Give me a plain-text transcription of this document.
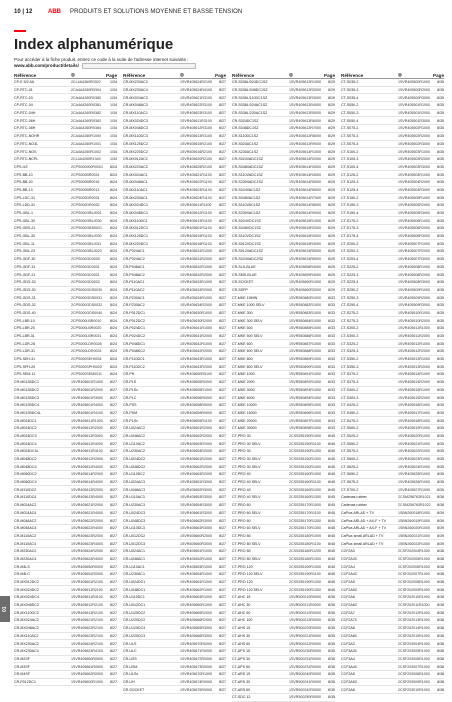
10 | 12	ABB PRODUITS ET SOLUTIONS MOYENNE ET BASSE TENSION
Index alphanumérique
Pour accéder à la fiche produit, entrez ce code à la suite de l'adresse internet suivante :
www.abb.com/product/details/
Référence	◎	Page
CP-E 5/2,5A	2CL4A4360R0302	1/34
CP-RTC-01	2CA4A4260R0304	1/34
CP-RTC-03	2CA4A4260R0380	1/34
CP-RTC-04	2CA4A4260R0381	1/34
CP-RTC-04H	2CA4A4260R0382	1/34
CP-RTC-06H	2CA4A4260R0383	1/34
CP-RTC-08H	2CA4A4260R0384	1/34
CP-RTC-NOHR	2CA4A4260R1000	1/34
CP-RTC-NO3L	2CA4A4260R1001	1/34
CP-RTC-NOS	2CA4A4260R1002	1/34
CP-RTC-NCPL	2CL4A4260R1340	1/34
CPS-0/2	2CPS000000R0001	8/24
CPS-BB-10	2CPS000BR0024	8/24
CPS-BB-20	2CPS000BR0016	8/24
CPS-BB-13	2CPS000BR0013	8/24
CPS-LDC-31	2CPS000DR0031	8/24
CPS-LDD-31	2CPS000DR0032	8/24
CPS-GBL-1	2CPS000GBL0001	8/24
CPS-GBL-30	2CPS000GBL0030	8/24
CPS-GBS-21	2CPS000GBS0021	8/24
CPS-GBL-30	2CPS000GBL0030	8/24
CPS-GBL-11	2CPS000GBL0011	8/24
CPS-GBL-23	2CPS000GBL0023	8/24
CPS-GDF-30	2CPS000GD0030	8/24
CPS-GDF-31	2CPS000GD0031	8/24
CPS-GDF-21	2CPS000GD0021	8/24
CPS-GDS-33	2CPS000GD0033	8/24
CPS-GDS-30	2CPS000GDS0030	8/24
CPS-GDS-31	2CPS000GDS0031	8/24
CPS-GDS-32	2CPS000GDS0032	8/24
CPS-GDS-40	2CPS000GDS0040	8/24
CPS-LBR-10	2CPS000LBR0010	8/24
CPS-LBR-20	2CPS000LBR0020	8/24
CPS-LBR-31	2CPS000LBR0031	8/24
CPS-LDR-28	2CPS000LDR0028	8/24
CPS-LDR-31	2CPS000LDR0031	8/24
CPS-SEH-31	2CPS000SEH0031	8/24
CPS-SPH-20	2CPS000SPH0020	8/24
CPS-SEM-11	2CPS000SEM0011	8/24
CR-M012BDC1	1SVR405601R1000	8/27
CR-M012BDC2	1SVR405601R2000	8/27
CR-M012BDC3	1SVR405601R3000	8/27
CR-M012BDC4	1SVR405601R4000	8/27
CR-M012BDC4L	1SVR405601R4100	8/27
CR-M024DC1	1SVR405611R1000	8/27
CR-M024DC2	1SVR405611R2000	8/27
CR-M024DC3	1SVR405611R3000	8/27
CR-M024DC4	1SVR405611R4000	8/27
CR-M024DC4L	1SVR405611R4100	8/27
CR-M048DC2	1SVR405612R2000	8/27
CR-M048DC4	1SVR405612R4000	8/27
CR-M060DC2	1SVR405614R2000	8/27
CR-M060DC4	1SVR405614R4000	8/27
CR-M110DC2	1SVR405613R2000	8/27
CR-M110DC4	1SVR405613R4000	8/27
CR-M024AC2	1SVR405621R2000	8/27
CR-M024AC4	1SVR405621R4000	8/27
CR-M048AC2	1SVR405622R2000	8/27
CR-M048AC4	1SVR405622R4000	8/27
CR-M110AC2	1SVR405623R2000	8/27
CR-M110AC4	1SVR405623R4000	8/27
CR-M230AC2	1SVR405624R2000	8/27
CR-M230AC4	1SVR405624R4000	8/27
CR-M4LS	1SVR405650R0000	8/27
CR-M4LC	1SVR405651R0000	8/27
CR-MX012DC2	1SVR405601R2100	8/27
CR-MX024DC2	1SVR405611R2100	8/27
CR-MX024DC4	1SVR405611R4100	8/27
CR-MX048DC2	1SVR405612R2100	8/27
CR-MX110DC2	1SVR405613R2100	8/27
CR-MX024AC2	1SVR405621R2100	8/27
CR-MX048AC2	1SVR405622R2100	8/27
CR-MX110AC2	1SVR405623R2100	8/27
CR-MX230AC2	1SVR405624R2100	8/27
CR-MX230AC4	1SVR405624R4100	8/27
CR-M2SF	1SVR405660R0000	8/27
CR-M3SF	1SVR405661R0000	8/27
CR-M4SF	1SVR405662R0000	8/27
CR-P012DC1	1SVR405600R1000	8/27
Référence	◎	Page
CR-MX230AC2	1SVR405624R2100	8/27
CR-MX230AC4	1SVR405624R4100	8/27
CR-MX024AC3	1SVR405621R3100	8/27
CR-MX048AC3	1SVR405622R3100	8/27
CR-MX110AC3	1SVR405623R3100	8/27
CR-MX024DC3	1SVR405611R3100	8/27
CR-MX048DC3	1SVR405612R3100	8/27
CR-MX110DC3	1SVR405613R3100	8/27
CR-MX125DC2	1SVR405615R2100	8/27
CR-MX220DC2	1SVR405616R2100	8/27
CR-MX012AC2	1SVR405620R2100	8/27
CR-MX220AC2	1SVR405625R2100	8/27
CR-MX024AC1	1SVR405621R1100	8/27
CR-MX048AC1	1SVR405622R1100	8/27
CR-MX110AC1	1SVR405623R1100	8/27
CR-MX230AC1	1SVR405624R1100	8/27
CR-MX024DC1	1SVR405611R1100	8/27
CR-MX048DC1	1SVR405612R1100	8/27
CR-MX110DC1	1SVR405613R1100	8/27
CR-MX012DC1	1SVR405601R1100	8/27
CR-MX125DC1	1SVR405615R1100	8/27
CR-MX220DC1	1SVR405616R1100	8/27
CR-P024AC1	1SVR405631R1000	8/27
CR-P024AC2	1SVR405631R2000	8/27
CR-P048AC1	1SVR405632R1000	8/27
CR-P048AC2	1SVR405632R2000	8/27
CR-P110AC1	1SVR405633R1000	8/27
CR-P110AC2	1SVR405633R2000	8/27
CR-P230AC1	1SVR405634R1000	8/27
CR-P230AC2	1SVR405634R2000	8/27
CR-P012DC1	1SVR405630R1000	8/27
CR-P012DC2	1SVR405630R2000	8/27
CR-P024DC1	1SVR405641R1000	8/27
CR-P024DC2	1SVR405641R2000	8/27
CR-P048DC1	1SVR405642R1000	8/27
CR-P048DC2	1SVR405642R2000	8/27
CR-P110DC1	1SVR405643R1000	8/27
CR-P110DC2	1SVR405643R2000	8/27
CR-PH	1SVR405650R0100	8/27
CR-PLS	1SVR405655R0000	8/27
CR-PLSx	1SVR405655R1000	8/27
CR-PLC	1SVR405656R0000	8/27
CR-PSS	1SVR405658R0000	8/27
CR-PSM	1SVR405659R0000	8/27
CR-PLSx	1SVR405655R1100	8/27
CR-U024AC2	1SVR405651R2000	8/27
CR-U048AC2	1SVR405652R2000	8/27
CR-U110AC2	1SVR405653R2000	8/27
CR-U230AC2	1SVR405654R2000	8/27
CR-U024DC2	1SVR405661R2000	8/27
CR-U048DC2	1SVR405662R2000	8/27
CR-U110DC2	1SVR405663R2000	8/27
CR-U024AC3	1SVR405651R3000	8/27
CR-U048AC3	1SVR405652R3000	8/27
CR-U110AC3	1SVR405653R3000	8/27
CR-U230AC3	1SVR405654R3000	8/27
CR-U024DC3	1SVR405661R3000	8/27
CR-U048DC3	1SVR405662R3000	8/27
CR-U110DC3	1SVR405663R3000	8/27
CR-U012DC2	1SVR405660R2000	8/27
CR-U012DC3	1SVR405660R3000	8/27
CR-U024AC1	1SVR405651R1000	8/27
CR-U048AC1	1SVR405652R1000	8/27
CR-U110AC1	1SVR405653R1000	8/27
CR-U230AC1	1SVR405654R1000	8/27
CR-U024DC1	1SVR405661R1000	8/27
CR-U048DC1	1SVR405662R1000	8/27
CR-U110DC1	1SVR405663R1000	8/27
CR-U012DC1	1SVR405660R1000	8/27
CR-U125DC2	1SVR405665R2000	8/27
CR-U220DC2	1SVR405666R2000	8/27
CR-U125DC3	1SVR405665R3000	8/27
CR-U220DC3	1SVR405666R3000	8/27
CR-ULS	1SVR405670R0000	8/27
CR-ULC	1SVR405671R0000	8/27
CR-USS	1SVR405672R0000	8/27
CR-USM	1SVR405673R0000	8/27
CR-ULSx	1SVR405670R1000	8/27
CR-UH	1SVR405674R0000	8/27
CR-SOCKET	1SVR405675R0000	8/27
Référence	◎	Page
CR-S038L/024DC1SZ	1SVR405613R1000	8/29
CR-S038L/048DC1SZ	1SVR405613R2000	8/29
CR-S038L/110DC1SZ	1SVR405613R3000	8/29
CR-S038L/024AC1SZ	1SVR405613R4000	8/29
CR-S038L/230AC1SZ	1SVR405613R5000	8/29
CR-S024DC1SZ	1SVR405613R6000	8/29
CR-S048DC1SZ	1SVR405613R7000	8/29
CR-S110DC1SZ	1SVR405613R8000	8/29
CR-S024AC1SZ	1SVR405613R9000	8/29
CR-S230AC1SZ	1SVR405614R1000	8/29
CR-S024VADC1SZ	1SVR405614R2000	8/29
CR-S048VADC1SZ	1SVR405614R3000	8/29
CR-S110VADC1SZ	1SVR405614R4000	8/29
CR-S230VADC1SZ	1SVR405614R5000	8/29
CR-S024VAC1SZ	1SVR405614R6000	8/29
CR-S048VAC1SZ	1SVR405614R7000	8/29
CR-S110VAC1SZ	1SVR405614R8000	8/29
CR-S230VAC1SZ	1SVR405614R9000	8/29
CR-S024VDC1SZ	1SVR405615R1000	8/29
CR-S048VDC1SZ	1SVR405615R2000	8/29
CR-S110VDC1SZ	1SVR405615R3000	8/29
CR-S012VDC1SZ	1SVR405615R4000	8/29
CR-S012VADC1SZ	1SVR405615R5000	8/29
CR-S024VADC2SZ	1SVR405615R6000	8/29
CR-SLS-BLUE	1SVR405658R4000	8/29
CR-SMS-BLUE	1SVR405659R4000	8/29
CR-SOCKET	1SVR405650R1000	8/29
CR-SSFP	1SVR405660R2000	8/29
CT-MKE 15MIN	1SVR550880R1000	8/33
CT-MKE 1000 SELV	1SVR550882R1000	8/33
CT-MKE 300	1SVR550883R1000	8/33
CT-MKE 300 SELV	1SVR550884R1000	8/33
CT-MKE 500	1SVR550885R1000	8/33
CT-MKE 500 SELV	1SVR550886R1000	8/33
CT-MKE 600	1SVR550887R1000	8/33
CT-MKE 600 SELV	1SVR550888R1000	8/33
CT-MKE 800	1SVR550889R1000	8/33
CT-MKE 800 SELV	1SVR550890R1000	8/33
CT-MKE 1000	1SVR550891R1000	8/33
CT-MKE 2000	1SVR550892R1000	8/33
CT-MKE 3000	1SVR550893R1000	8/33
CT-MKE 6000	1SVR550894R1000	8/33
CT-MKE 10000	1SVR550895R1000	8/33
CT-MKE 15000	1SVR550896R1000	8/33
CT-MKE 20000	1SVR550897R1000	8/33
CT-MKE 30000	1SVR550898R1000	8/33
CT-PRO 30	2CSS255150R1000	8/45
CT-PRO 30 SELV	2CSS255150R1100	8/45
CT-PRO 30	2CSS255150R1200	8/45
CT-PRO 30 SELV	2CSS255150R1300	8/45
CT-PRO 30 SELV	2CSS255150R1400	8/45
CT-PRO 40	2CSS255160R1000	8/45
CT-PRO 40 SELV	2CSS255160R1100	8/45
CT-PRO 40	2CSS255160R1200	8/45
CT-PRO 40 SELV	2CSS255160R1300	8/45
CT-PRO 60	2CSS255170R1000	8/45
CT-PRO 60 SELV	2CSS255170R1100	8/45
CT-PRO 60	2CSS255170R1200	8/45
CT-PRO 60 SELV	2CSS255170R1300	8/45
CT-PRO 80	2CSS255180R1000	8/45
CT-PRO 80 SELV	2CSS255180R1100	8/45
CT-PRO 80	2CSS255180R1200	8/45
CT-PRO 80 SELV	2CSS255180R1300	8/45
CT-PRO 120	2CSS255190R1000	8/45
CT-PRO 120 SELV	2CSS255190R1100	8/45
CT-PRO 120	2CSS255190R1200	8/45
CT-PRO 120 SELV	2CSS255190R1300	8/45
CT-AHC 15	1SVR500210R0000	8/35
CT-AHC 30	1SVR500211R0000	8/35
CT-AHC 60	1SVR500212R0000	8/35
CT-AHC 100	1SVR500213R0000	8/35
CT-AHS 15	1SVR500220R0000	8/35
CT-AHS 30	1SVR500221R0000	8/35
CT-AHS 60	1SVR500222R0000	8/35
CT-APS 15	1SVR500230R0000	8/35
CT-APS 30	1SVR500231R0000	8/35
CT-APS 60	1SVR500232R0000	8/35
CT-ARS 15	1SVR500240R0000	8/35
CT-ARS 30	1SVR500241R0000	8/35
CT-ARS 60	1SVR500242R0000	8/35
CT-SDC 12	1SVR500250R0000	8/35
Référence	◎	Page
CT-S035-2	1SVR405500R1000	8/35
CT-S035-3	1SVR405500R2000	8/35
CT-S035-4	1SVR405500R3000	8/35
CT-S050-2	1SVR405501R1000	8/35
CT-S050-3	1SVR405501R2000	8/35
CT-S050-4	1SVR405501R3000	8/35
CT-S075-2	1SVR405502R1000	8/35
CT-S075-3	1SVR405502R2000	8/35
CT-S075-4	1SVR405502R3000	8/35
CT-S100-2	1SVR405503R1000	8/35
CT-S100-3	1SVR405503R2000	8/35
CT-S100-4	1SVR405503R3000	8/35
CT-S125-2	1SVR405504R1000	8/35
CT-S125-3	1SVR405504R2000	8/35
CT-S125-4	1SVR405504R3000	8/35
CT-S150-2	1SVR405505R1000	8/35
CT-S150-3	1SVR405505R2000	8/35
CT-S150-4	1SVR405505R3000	8/35
CT-S175-2	1SVR405506R1000	8/35
CT-S175-3	1SVR405506R2000	8/35
CT-S175-4	1SVR405506R3000	8/35
CT-S200-2	1SVR405507R1000	8/35
CT-S200-3	1SVR405507R2000	8/35
CT-S200-4	1SVR405507R3000	8/35
CT-S225-2	1SVR405508R1000	8/35
CT-S225-3	1SVR405508R2000	8/35
CT-S225-4	1SVR405508R3000	8/35
CT-S250-2	1SVR405509R1000	8/35
CT-S250-3	1SVR405509R2000	8/35
CT-S250-4	1SVR405509R3000	8/35
CT-S275-2	1SVR405510R1000	8/35
CT-S275-3	1SVR405510R2000	8/35
CT-S300-2	1SVR405511R1000	8/35
CT-S300-3	1SVR405511R2000	8/35
CT-S325-2	1SVR405512R1000	8/35
CT-S325-3	1SVR405512R2000	8/35
CT-S350-2	1SVR405513R1000	8/35
CT-S350-3	1SVR405513R2000	8/35
CT-S375-2	1SVR405514R1000	8/35
CT-S375-3	1SVR405514R2000	8/35
CT-S400-2	1SVR405515R1000	8/35
CT-S400-3	1SVR405515R2000	8/35
CT-S425-2	1SVR405516R1000	8/35
CT-S450-2	1SVR405517R1000	8/35
CT-S475-2	1SVR405518R1000	8/35
CT-S500-2	1SVR405519R1000	8/35
CT-S525-2	1SVR405520R1000	8/35
CT-S550-2	1SVR405521R1000	8/35
CT-S575-2	1SVR405522R1000	8/35
CT-S600-2	1SVR405523R1000	8/35
CT-S625-2	1SVR405524R1000	8/35
CT-S650-2	1SVR405525R1000	8/35
CT-S675-2	1SVR405526R1000	8/35
CT-S700-2	1SVR405527R1000	8/35
Cadenas rubber	2CSM258763R1021	8/38
Cadenas rubber	2CSM258763R1022	8/38
CaPlus ARLAD + TV	1SBN260018R1000	8/39
CaPlus ARLAD + AX-F + TV	1SBN260019R1000	8/39
CaPlus ARLAD + AX-F + TV	1SBN260020R1000	8/39
CaPlus small ARLAD + TV	1SBN260021R1000	8/39
CaPlus small ARLAD + TV	1SBN260022R1000	8/39
CCF2A3	2CSF202004R1000	8/38
CCF2A3C	2CSF202005R1000	8/38
CCF2A4	2CSF202006R1000	8/38
CCF2A4C	2CSF202007R1000	8/38
CCF2A5	2CSF202008R1000	8/38
CCF2A5C	2CSF202009R1000	8/38
CCF2A6	2CSF202010R1000	8/38
CCF2A6C	2CSF202011R1000	8/38
CCF2A7	2CSF202012R1000	8/38
CCF2A7C	2CSF202013R1000	8/38
CCF2A8	2CSF202014R1000	8/38
CCF2A8C	2CSF202015R1000	8/38
CCF3A3	2CSF203004R1000	8/38
CCF3A3C	2CSF203005R1000	8/38
CCF3A4	2CSF203006R1000	8/38
CCF3A4C	2CSF203007R1000	8/38
CCF3A5	2CSF203008R1000	8/38
CCF3A5C	2CSF203009R1000	8/38
CCF3A6	2CSF203010R1000	8/38
01
